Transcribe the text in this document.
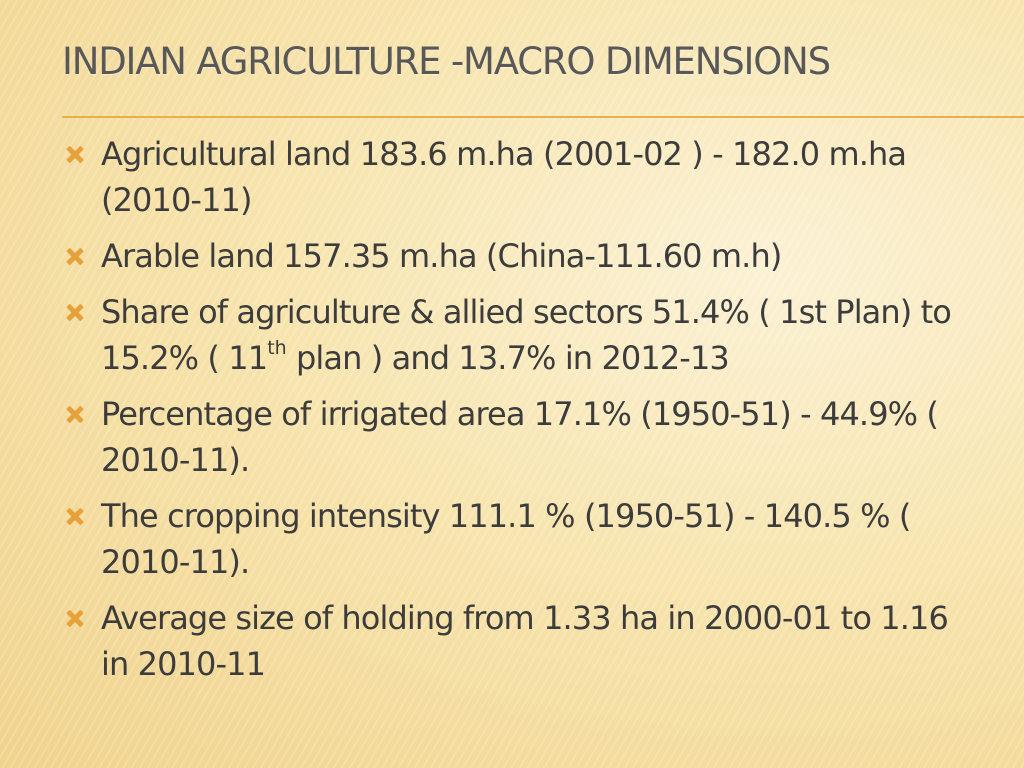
INDIAN AGRICULTURE -MACRO DIMENSIONS
Agricultural land 183.6 m.ha (2001-02 ) - 182.0 m.ha (2010-11)
Arable land 157.35 m.ha (China-111.60 m.h)
Share of agriculture & allied sectors 51.4% ( 1st Plan) to 15.2% ( 11th plan ) and 13.7% in 2012-13
Percentage of irrigated area 17.1% (1950-51) - 44.9% ( 2010-11).
The cropping intensity 111.1 % (1950-51) - 140.5 % ( 2010-11).
Average size of holding from 1.33 ha in 2000-01 to 1.16 in 2010-11
